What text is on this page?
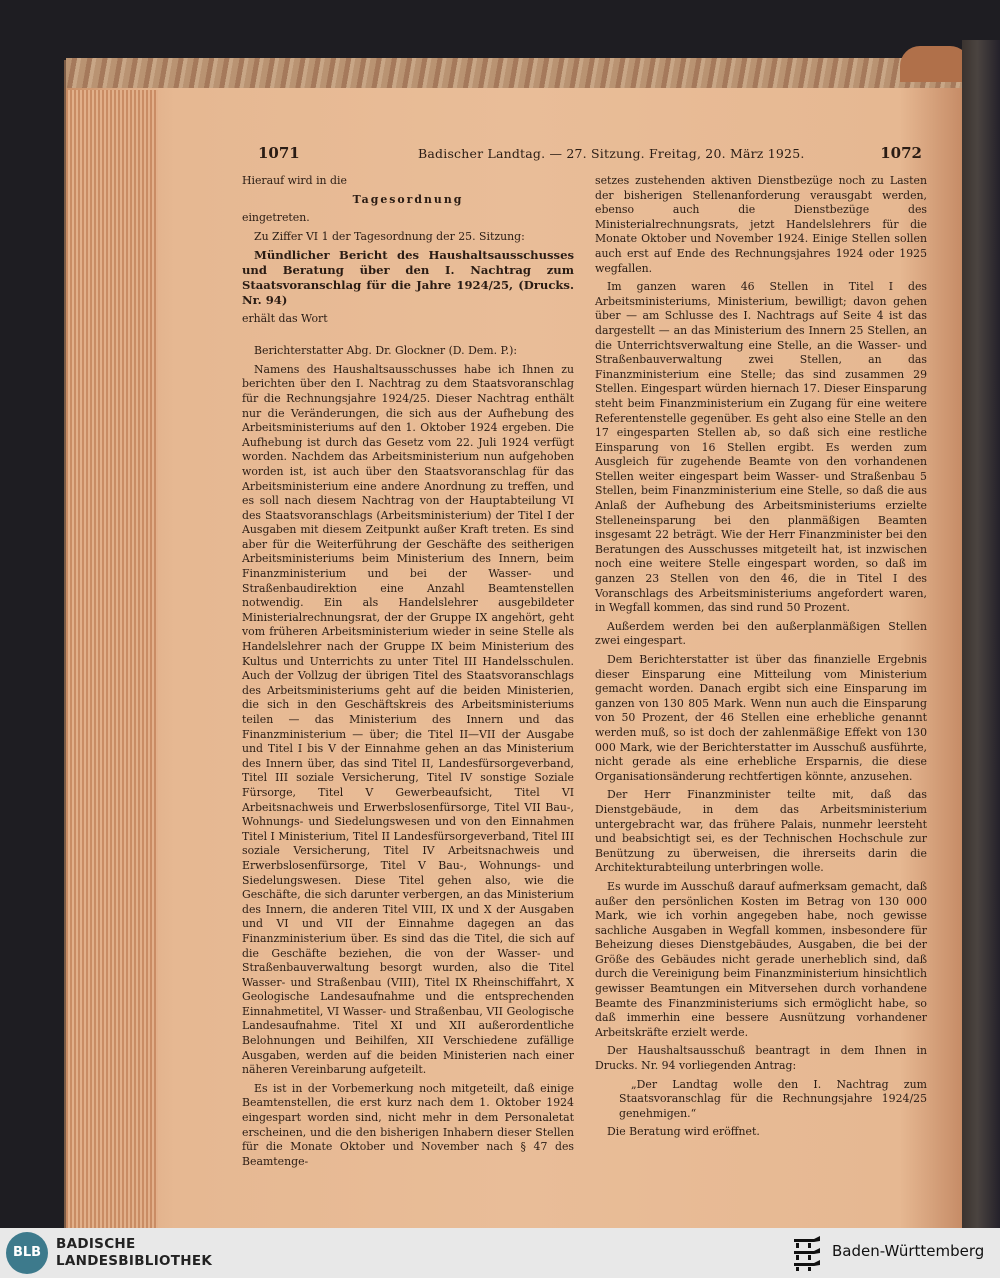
1071	Badischer Landtag. — 27. Sitzung. Freitag, 20. März 1925.	1072

Hierauf wird in die

Tagesordnung

eingetreten.

Zu Ziffer VI 1 der Tagesordnung der 25. Sitzung:

Mündlicher Bericht des Haushaltsausschusses und Beratung über den I. Nachtrag zum Staatsvoranschlag für die Jahre 1924/25, (Drucks. Nr. 94)

erhält das Wort

Berichterstatter Abg. Dr. Glockner (D. Dem. P.):

Namens des Haushaltsausschusses habe ich Ihnen zu berichten über den I. Nachtrag zu dem Staatsvoranschlag für die Rechnungsjahre 1924/25. Dieser Nachtrag enthält nur die Veränderungen, die sich aus der Aufhebung des Arbeitsministeriums auf den 1. Oktober 1924 ergeben. Die Aufhebung ist durch das Gesetz vom 22. Juli 1924 verfügt worden. Nachdem das Arbeitsministerium nun aufgehoben worden ist, ist auch über den Staatsvoranschlag für das Arbeitsministerium eine andere Anordnung zu treffen, und es soll nach diesem Nachtrag von der Hauptabteilung VI des Staatsvoranschlags (Arbeitsministerium) der Titel I der Ausgaben mit diesem Zeitpunkt außer Kraft treten. Es sind aber für die Weiterführung der Geschäfte des seitherigen Arbeitsministeriums beim Ministerium des Innern, beim Finanzministerium und bei der Wasser- und Straßenbaudirektion eine Anzahl Beamtenstellen notwendig. Ein als Handelslehrer ausgebildeter Ministerialrechnungsrat, der der Gruppe IX angehört, geht vom früheren Arbeitsministerium wieder in seine Stelle als Handelslehrer nach der Gruppe IX beim Ministerium des Kultus und Unterrichts zu unter Titel III Handelsschulen. Auch der Vollzug der übrigen Titel des Staatsvoranschlags des Arbeitsministeriums geht auf die beiden Ministerien, die sich in den Geschäftskreis des Arbeitsministeriums teilen — das Ministerium des Innern und das Finanzministerium — über; die Titel II—VII der Ausgabe und Titel I bis V der Einnahme gehen an das Ministerium des Innern über, das sind Titel II, Landesfürsorgeverband, Titel III soziale Versicherung, Titel IV sonstige Soziale Fürsorge, Titel V Gewerbeaufsicht, Titel VI Arbeitsnachweis und Erwerbslosenfürsorge, Titel VII Bau-, Wohnungs- und Siedelungswesen und von den Einnahmen Titel I Ministerium, Titel II Landesfürsorgeverband, Titel III soziale Versicherung, Titel IV Arbeitsnachweis und Erwerbslosenfürsorge, Titel V Bau-, Wohnungs- und Siedelungswesen. Diese Titel gehen also, wie die Geschäfte, die sich darunter verbergen, an das Ministerium des Innern, die anderen Titel VIII, IX und X der Ausgaben und VI und VII der Einnahme dagegen an das Finanzministerium über. Es sind das die Titel, die sich auf die Geschäfte beziehen, die von der Wasser- und Straßenbauverwaltung besorgt wurden, also die Titel Wasser- und Straßenbau (VIII), Titel IX Rheinschiffahrt, X Geologische Landesaufnahme und die entsprechenden Einnahmetitel, VI Wasser- und Straßenbau, VII Geologische Landesaufnahme. Titel XI und XII außerordentliche Belohnungen und Beihilfen, XII Verschiedene zufällige Ausgaben, werden auf die beiden Ministerien nach einer näheren Vereinbarung aufgeteilt.

Es ist in der Vorbemerkung noch mitgeteilt, daß einige Beamtenstellen, die erst kurz nach dem 1. Oktober 1924 eingespart worden sind, nicht mehr in dem Personaletat erscheinen, und die den bisherigen Inhabern dieser Stellen für die Monate Oktober und November nach § 47 des Beamtenge-

setzes zustehenden aktiven Dienstbezüge noch zu Lasten der bisherigen Stellenanforderung verausgabt werden, ebenso auch die Dienstbezüge des Ministerialrechnungsrats, jetzt Handelslehrers für die Monate Oktober und November 1924. Einige Stellen sollen auch erst auf Ende des Rechnungsjahres 1924 oder 1925 wegfallen.

Im ganzen waren 46 Stellen in Titel I des Arbeitsministeriums, Ministerium, bewilligt; davon gehen über — am Schlusse des I. Nachtrags auf Seite 4 ist das dargestellt — an das Ministerium des Innern 25 Stellen, an die Unterrichtsverwaltung eine Stelle, an die Wasser- und Straßenbauverwaltung zwei Stellen, an das Finanzministerium eine Stelle; das sind zusammen 29 Stellen. Eingespart würden hiernach 17. Dieser Einsparung steht beim Finanzministerium ein Zugang für eine weitere Referentenstelle gegenüber. Es geht also eine Stelle an den 17 eingesparten Stellen ab, so daß sich eine restliche Einsparung von 16 Stellen ergibt. Es werden zum Ausgleich für zugehende Beamte von den vorhandenen Stellen weiter eingespart beim Wasser- und Straßenbau 5 Stellen, beim Finanzministerium eine Stelle, so daß die aus Anlaß der Aufhebung des Arbeitsministeriums erzielte Stelleneinsparung bei den planmäßigen Beamten insgesamt 22 beträgt. Wie der Herr Finanzminister bei den Beratungen des Ausschusses mitgeteilt hat, ist inzwischen noch eine weitere Stelle eingespart worden, so daß im ganzen 23 Stellen von den 46, die in Titel I des Voranschlags des Arbeitsministeriums angefordert waren, in Wegfall kommen, das sind rund 50 Prozent.

Außerdem werden bei den außerplanmäßigen Stellen zwei eingespart.

Dem Berichterstatter ist über das finanzielle Ergebnis dieser Einsparung eine Mitteilung vom Ministerium gemacht worden. Danach ergibt sich eine Einsparung im ganzen von 130 805 Mark. Wenn nun auch die Einsparung von 50 Prozent, der 46 Stellen eine erhebliche genannt werden muß, so ist doch der zahlenmäßige Effekt von 130 000 Mark, wie der Berichterstatter im Ausschuß ausführte, nicht gerade als eine erhebliche Ersparnis, die diese Organisationsänderung rechtfertigen könnte, anzusehen.

Der Herr Finanzminister teilte mit, daß das Dienstgebäude, in dem das Arbeitsministerium untergebracht war, das frühere Palais, nunmehr leersteht und beabsichtigt sei, es der Technischen Hochschule zur Benützung zu überweisen, die ihrerseits darin die Architekturabteilung unterbringen wolle.

Es wurde im Ausschuß darauf aufmerksam gemacht, daß außer den persönlichen Kosten im Betrag von 130 000 Mark, wie ich vorhin angegeben habe, noch gewisse sachliche Ausgaben in Wegfall kommen, insbesondere für Beheizung dieses Dienstgebäudes, Ausgaben, die bei der Größe des Gebäudes nicht gerade unerheblich sind, daß durch die Vereinigung beim Finanzministerium hinsichtlich gewisser Beamtungen ein Mitversehen durch vorhandene Beamte des Finanzministeriums sich ermöglicht habe, so daß immerhin eine bessere Ausnützung vorhandener Arbeitskräfte erzielt werde.

Der Haushaltsausschuß beantragt in dem Ihnen in Drucks. Nr. 94 vorliegenden Antrag:

„Der Landtag wolle den I. Nachtrag zum Staatsvoranschlag für die Rechnungsjahre 1924/25 genehmigen.“

Die Beratung wird eröffnet.

BLB
BADISCHE
LANDESBIBLIOTHEK
Baden-Württemberg
